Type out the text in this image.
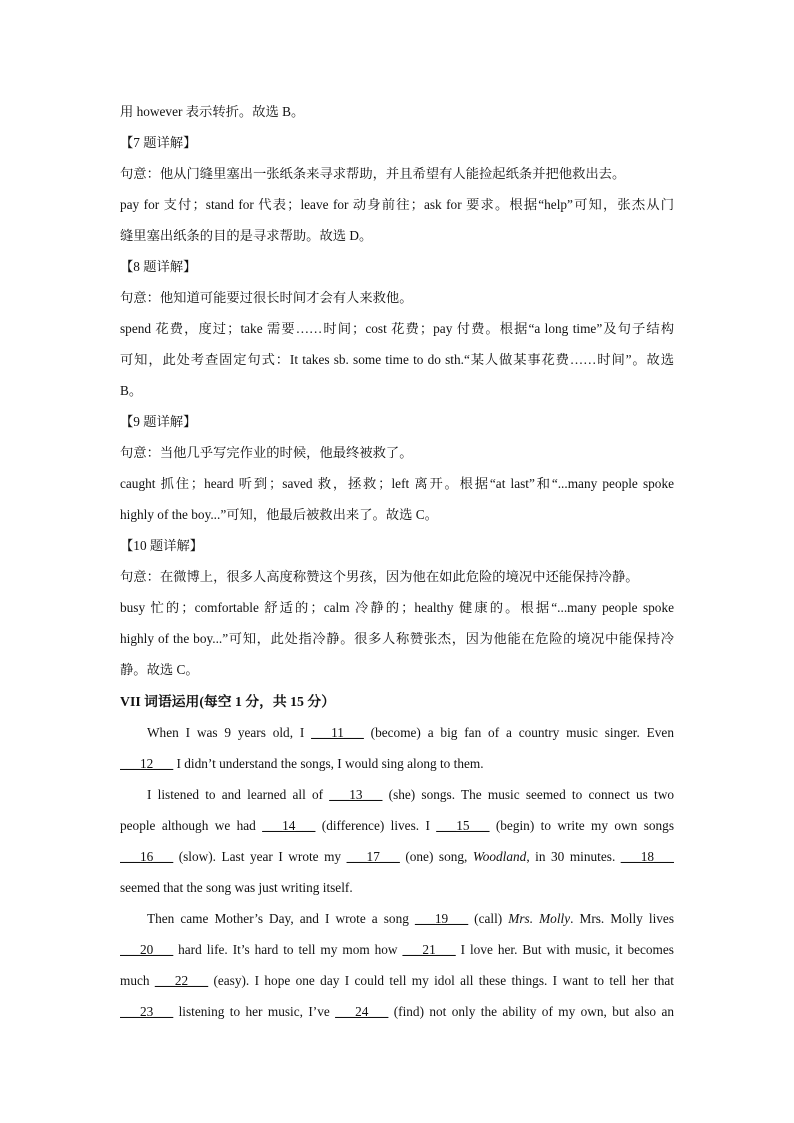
用 however 表示转折。故选 B。
【7 题详解】
句意：他从门缝里塞出一张纸条来寻求帮助，并且希望有人能捡起纸条并把他救出去。
pay for 支付；stand for 代表；leave for 动身前往；ask for 要求。根据“help”可知，张杰从门
缝里塞出纸条的目的是寻求帮助。故选 D。
【8 题详解】
句意：他知道可能要过很长时间才会有人来救他。
spend 花费，度过；take 需要……时间；cost 花费；pay 付费。根据“a long time”及句子结构
可知，此处考查固定句式：It takes sb. some time to do sth.“某人做某事花费……时间”。故选
B。
【9 题详解】
句意：当他几乎写完作业的时候，他最终被救了。
caught 抓住；heard 听到；saved 救，拯救；left 离开。根据“at last”和“...many people spoke
highly of the boy...”可知，他最后被救出来了。故选 C。
【10 题详解】
句意：在微博上，很多人高度称赞这个男孩，因为他在如此危险的境况中还能保持冷静。
busy 忙的；comfortable 舒适的；calm 冷静的；healthy 健康的。根据“...many people spoke
highly of the boy...”可知，此处指冷静。很多人称赞张杰，因为他能在危险的境况中能保持冷
静。故选 C。
VII 词语运用(每空 1 分，共 15 分）
When I was 9 years old, I ___11___ (become) a big fan of a country music singer. Even
___12___ I didn’t understand the songs, I would sing along to them.
I listened to and learned all of ___13___ (she) songs. The music seemed to connect us two
people although we had ___14___ (difference) lives. I ___15___ (begin) to write my own songs
___16___ (slow). Last year I wrote my ___17___ (one) song, Woodland, in 30 minutes. ___18___
seemed that the song was just writing itself.
Then came Mother’s Day, and I wrote a song ___19___ (call) Mrs. Molly. Mrs. Molly lives
___20___ hard life. It’s hard to tell my mom how ___21___ I love her. But with music, it becomes
much ___22___ (easy). I hope one day I could tell my idol all these things. I want to tell her that
___23___ listening to her music, I’ve ___24___ (find) not only the ability of my own, but also an
